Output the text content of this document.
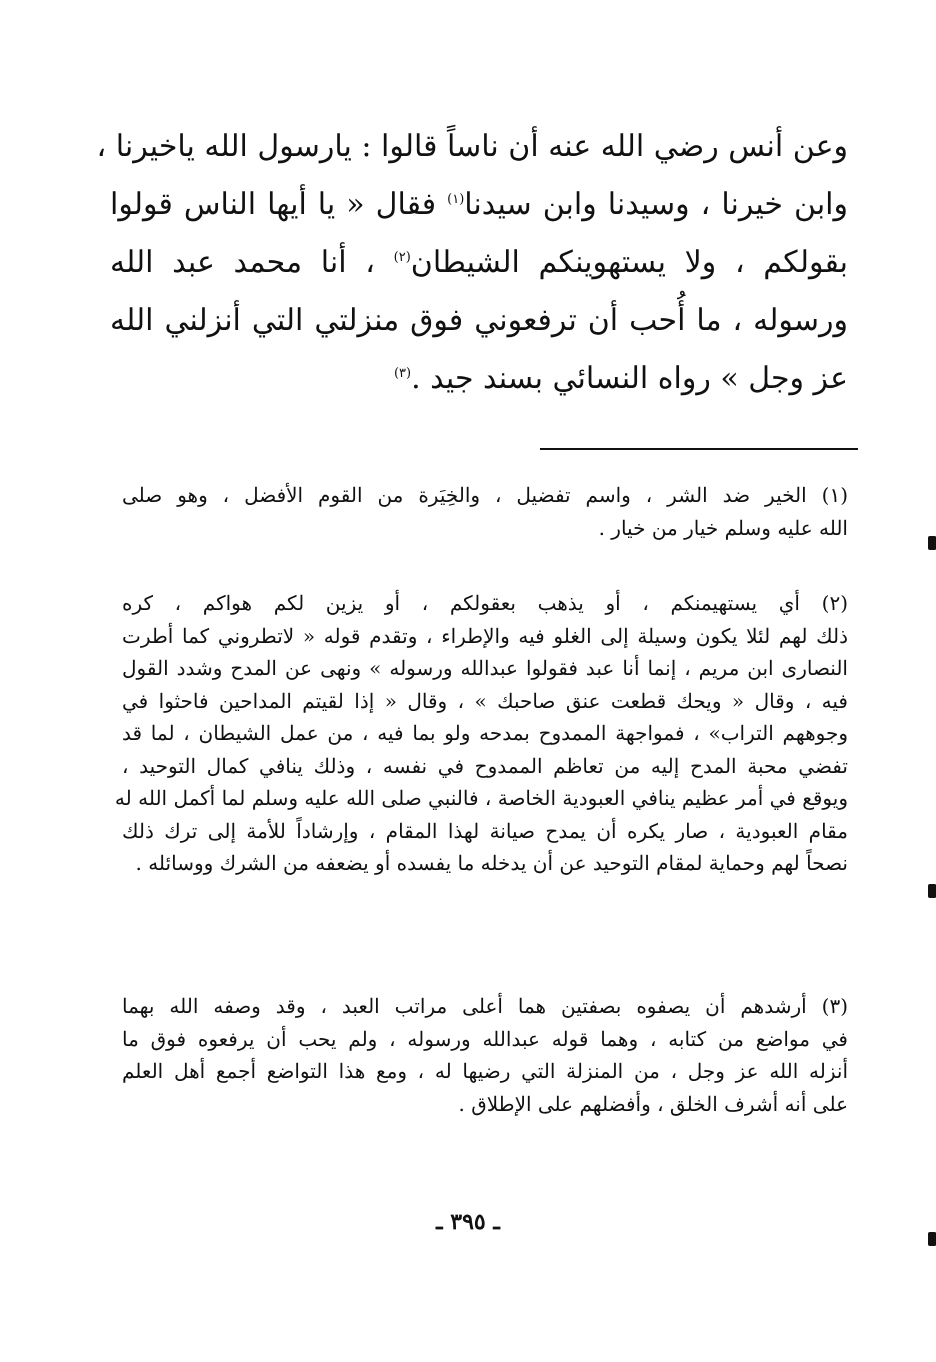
وعن أنس رضي الله عنه أن ناساً قالوا : يارسول الله ياخيرنا ،
وابن خيرنا ، وسيدنا وابن سيدنا$^{(١)}$ فقال « يا أيها الناس قولوا
بقولكم ، ولا يستهوينكم الشيطان$^{(٢)}$ ، أنا محمد عبد الله
ورسوله ، ما أُحب أن ترفعوني فوق منزلتي التي أنزلني الله
عز وجل » رواه النسائي بسند جيد .$^{(٣)}$
(١) الخير ضد الشر ، واسم تفضيل ، والخِيَرة من القوم الأفضل ، وهو صلى
الله عليه وسلم خيار من خيار .
(٢) أي يستهيمنكم ، أو يذهب بعقولكم ، أو يزين لكم هواكم ، كره
ذلك لهم لئلا يكون وسيلة إلى الغلو فيه والإطراء ، وتقدم قوله « لاتطروني كما أطرت
النصارى ابن مريم ، إنما أنا عبد فقولوا عبدالله ورسوله » ونهى عن المدح وشدد القول
فيه ، وقال « ويحك قطعت عنق صاحبك » ، وقال « إذا لقيتم المداحين فاحثوا في
وجوههم التراب» ، فمواجهة الممدوح بمدحه ولو بما فيه ، من عمل الشيطان ، لما قد
تفضي محبة المدح إليه من تعاظم الممدوح في نفسه ، وذلك ينافي كمال التوحيد ،
ويوقع في أمر عظيم ينافي العبودية الخاصة ، فالنبي صلى الله عليه وسلم لما أكمل الله له
مقام العبودية ، صار يكره أن يمدح صيانة لهذا المقام ، وإرشاداً للأمة إلى ترك ذلك
نصحاً لهم وحماية لمقام التوحيد عن أن يدخله ما يفسده أو يضعفه من الشرك ووسائله .
(٣) أرشدهم أن يصفوه بصفتين هما أعلى مراتب العبد ، وقد وصفه الله بهما
في مواضع من كتابه ، وهما قوله عبدالله ورسوله ، ولم يحب أن يرفعوه فوق ما
أنزله الله عز وجل ، من المنزلة التي رضيها له ، ومع هذا التواضع أجمع أهل العلم
على أنه أشرف الخلق ، وأفضلهم على الإطلاق .
ـ ٣٩٥ ـ
